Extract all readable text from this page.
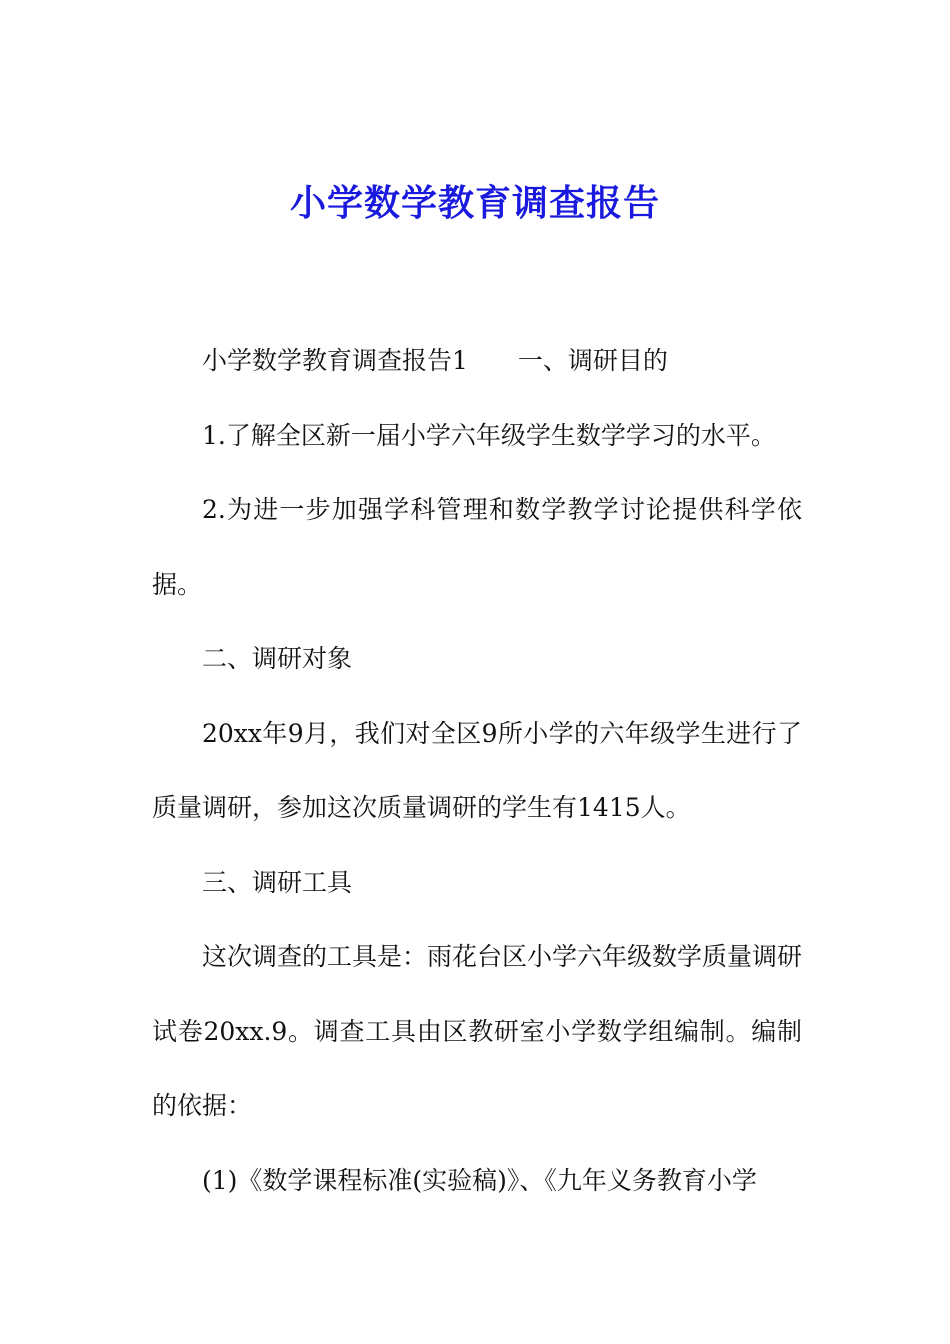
小学数学教育调查报告

小学数学教育调查报告1 一、调研目的

1.了解全区新一届小学六年级学生数学学习的水平。

2.为进一步加强学科管理和数学教学讨论提供科学依据。

二、调研对象

20xx年9月，我们对全区9所小学的六年级学生进行了质量调研，参加这次质量调研的学生有1415人。

三、调研工具

这次调查的工具是：雨花台区小学六年级数学质量调研试卷20xx.9。调查工具由区教研室小学数学组编制。编制的依据：

(1)《数学课程标准(实验稿)》、《九年义务教育小学
